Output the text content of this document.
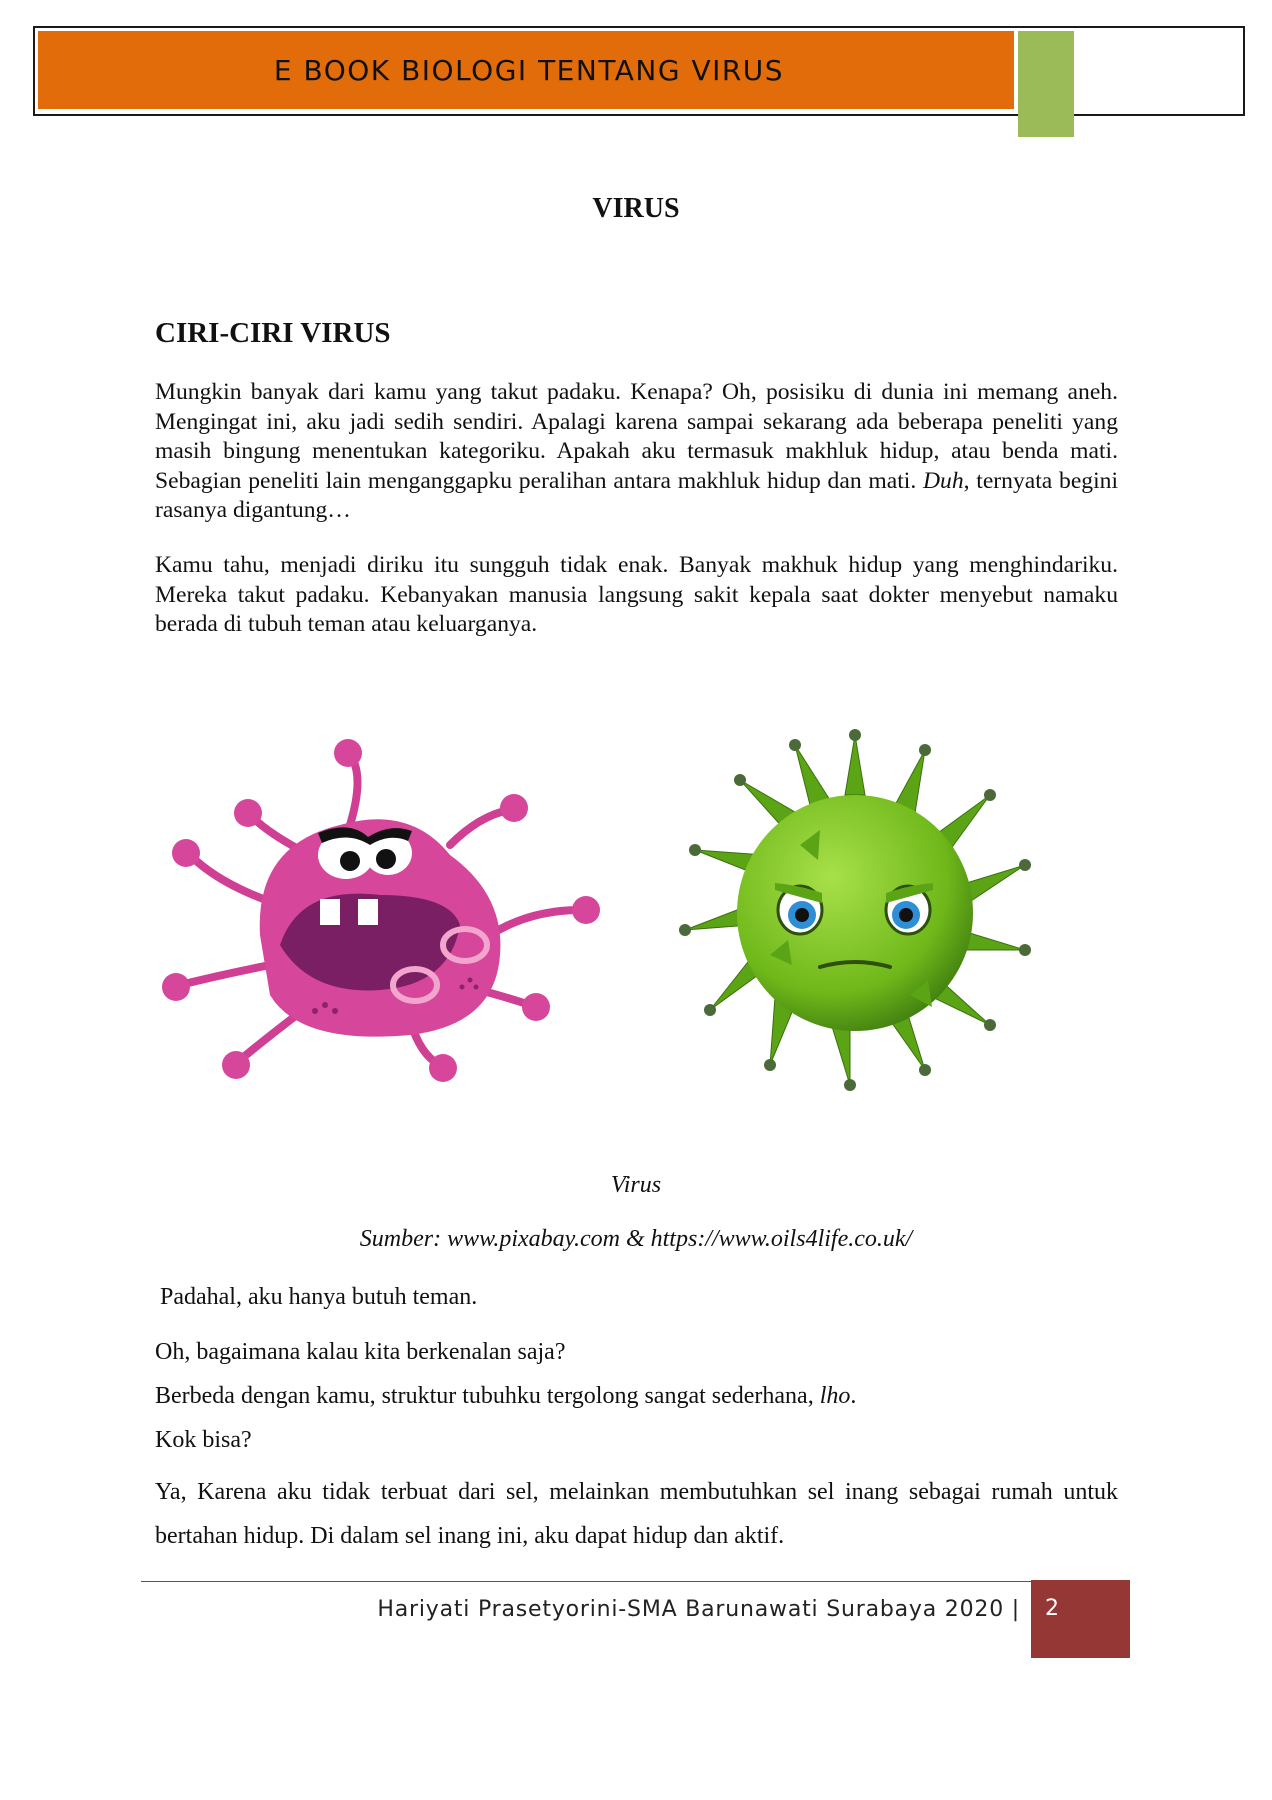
E BOOK BIOLOGI TENTANG VIRUS
VIRUS
CIRI-CIRI VIRUS

Mungkin banyak dari kamu yang takut padaku. Kenapa? Oh, posisiku di dunia ini memang aneh. Mengingat ini, aku jadi sedih sendiri. Apalagi karena sampai sekarang ada beberapa peneliti yang masih bingung menentukan kategoriku. Apakah aku termasuk makhluk hidup, atau benda mati. Sebagian peneliti lain menganggapku peralihan antara makhluk hidup dan mati. Duh, ternyata begini rasanya digantung…

Kamu tahu, menjadi diriku itu sungguh tidak enak. Banyak makhuk hidup yang menghindariku. Mereka takut padaku. Kebanyakan manusia langsung sakit kepala saat dokter menyebut namaku berada di tubuh teman atau keluarganya.

Virus
Sumber: www.pixabay.com & https://www.oils4life.co.uk/
Padahal, aku hanya butuh teman.
Oh, bagaimana kalau kita berkenalan saja?
Berbeda dengan kamu, struktur tubuhku tergolong sangat sederhana, lho.
Kok bisa?
Ya, Karena aku tidak terbuat dari sel, melainkan membutuhkan sel inang sebagai rumah untuk bertahan hidup. Di dalam sel inang ini, aku dapat hidup dan aktif.
Hariyati Prasetyorini-SMA Barunawati Surabaya 2020 | 2
